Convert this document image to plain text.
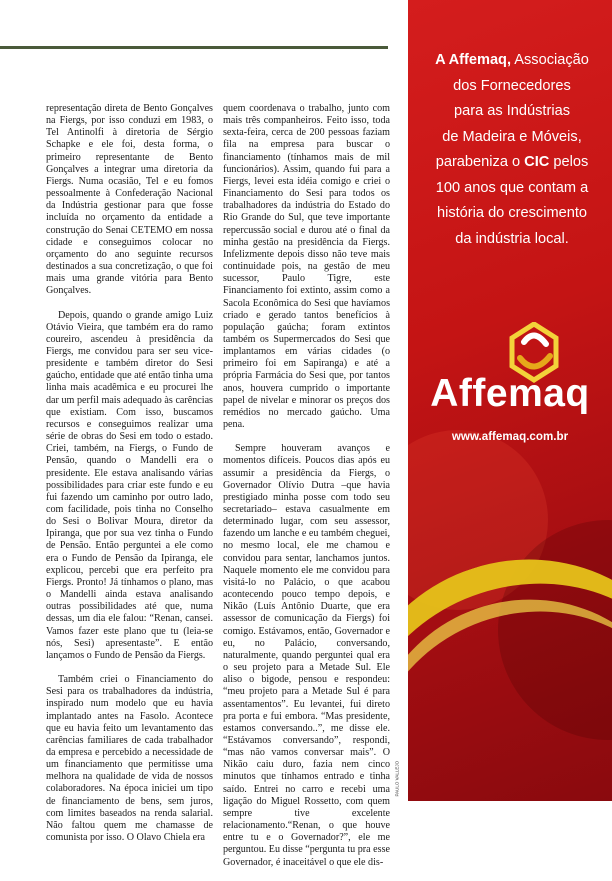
representação direta de Bento Gonçalves na Fiergs, por isso conduzi em 1983, o Tel Antinolfi à diretoria de Sérgio Schapke e ele foi, desta forma, o primeiro representante de Bento Gonçalves a integrar uma diretoria da Fiergs. Numa ocasião, Tel e eu fomos pessoalmente à Confederação Nacional da Indústria gestionar para que fosse incluída no orçamento da entidade a construção do Senai CETEMO em nossa cidade e conseguimos colocar no orçamento do ano seguinte recursos destinados a sua concretização, o que foi mais uma grande vitória para Bento Gonçalves.

Depois, quando o grande amigo Luiz Otávio Vieira, que também era do ramo coureiro, ascendeu à presidência da Fiergs, me convidou para ser seu vice-presidente e também diretor do Sesi gaúcho, entidade que até então tinha uma linha mais acadêmica e eu procurei lhe dar um perfil mais adequado às carências que existiam. Com isso, buscamos recursos e conseguimos realizar uma série de obras do Sesi em todo o estado. Criei, também, na Fiergs, o Fundo de Pensão, quando o Mandelli era o presidente. Ele estava analisando várias possibilidades para criar este fundo e eu fui fazendo um caminho por outro lado, com facilidade, pois tinha no Conselho do Sesi o Bolivar Moura, diretor da Ipiranga, que por sua vez tinha o Fundo de Pensão. Então perguntei a ele como era o Fundo de Pensão da Ipiranga, ele explicou, percebi que era perfeito pra Fiergs. Pronto! Já tínhamos o plano, mas o Mandelli ainda estava analisando outras possibilidades até que, numa dessas, um dia ele falou: “Renan, cansei. Vamos fazer este plano que tu (leia-se nós, Sesi) apresentaste”. E então lançamos o Fundo de Pensão da Fiergs.

Também criei o Financiamento do Sesi para os trabalhadores da indústria, inspirado num modelo que eu havia implantado antes na Fasolo. Acontece que eu havia feito um levantamento das carências familiares de cada trabalhador da empresa e percebido a necessidade de um financiamento que permitisse uma melhora na qualidade de vida de nossos colaboradores. Na época iniciei um tipo de financiamento de bens, sem juros, com limites baseados na renda salarial. Não faltou quem me chamasse de comunista por isso. O Olavo Chiela era

quem coordenava o trabalho, junto com mais três companheiros. Feito isso, toda sexta-feira, cerca de 200 pessoas faziam fila na empresa para buscar o financiamento (tínhamos mais de mil funcionários). Assim, quando fui para a Fiergs, levei esta idéia comigo e criei o Financiamento do Sesi para todos os trabalhadores da indústria do Estado do Rio Grande do Sul, que teve importante repercussão social e durou até o final da minha gestão na presidência da Fiergs. Infelizmente depois disso não teve mais continuidade pois, na gestão de meu sucessor, Paulo Tigre, este Financiamento foi extinto, assim como a Sacola Econômica do Sesi que havíamos criado e gerado tantos benefícios à população gaúcha; foram extintos também os Supermercados do Sesi que implantamos em várias cidades (o primeiro foi em Sapiranga) e até a própria Farmácia do Sesi que, por tantos anos, houvera cumprido o importante papel de nivelar e minorar os preços dos remédios no mercado gaúcho. Uma pena.

Sempre houveram avanços e momentos difíceis. Poucos dias após eu assumir a presidência da Fiergs, o Governador Olívio Dutra –que havia prestigiado minha posse com todo seu secretariado– estava casualmente em determinado lugar, com seu assessor, fazendo um lanche e eu também cheguei, no mesmo local, ele me chamou e convidou para sentar, lanchamos juntos. Naquele momento ele me convidou para visitá-lo no Palácio, o que acabou acontecendo pouco tempo depois, e Nikão (Luís Antônio Duarte, que era assessor de comunicação da Fiergs) foi comigo. Estávamos, então, Governador e eu, no Palácio, conversando, naturalmente, quando perguntei qual era o seu projeto para a Metade Sul. Ele aliso o bigode, pensou e respondeu: “meu projeto para a Metade Sul é para assentamentos”. Eu levantei, fui direto pra porta e fui embora. “Mas presidente, estamos conversando..”, me disse ele. “Estávamos conversando”, respondi, “mas não vamos conversar mais”. O Nikão caiu duro, fazia nem cinco minutos que tínhamos entrado e tinha saído. Entrei no carro e recebi uma ligação do Miguel Rossetto, com quem sempre tive excelente relacionamento.“Renan, o que houve entre tu e o Governador?”, ele me perguntou. Eu disse “pergunta tu pra esse Governador, é inaceitável o que ele dis-

PAULO VALLEJO
A Affemaq, Associação
dos Fornecedores
para as Indústrias
de Madeira e Móveis,
parabeniza o CIC pelos
100 anos que contam a
história do crescimento
da indústria local.
Affemaq
www.affemaq.com.br
